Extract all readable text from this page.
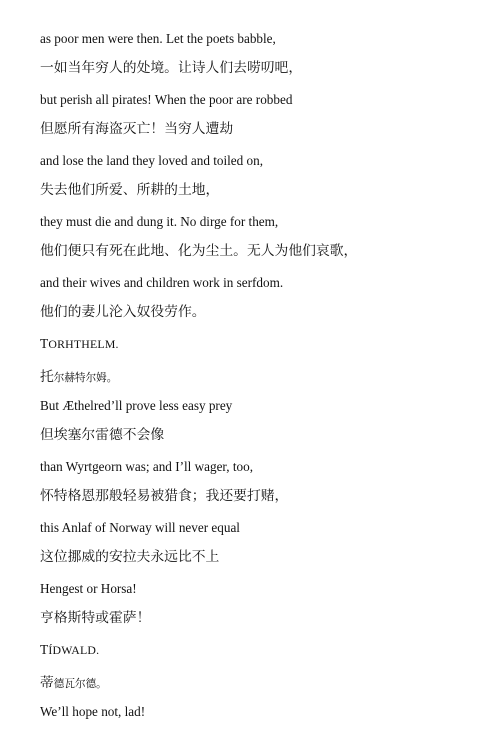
as poor men were then. Let the poets babble,
一如当年穷人的处境。让诗人们去唠叨吧，
but perish all pirates! When the poor are robbed
但愿所有海盗灭亡！当穷人遭劫
and lose the land they loved and toiled on,
失去他们所爱、所耕的土地，
they must die and dung it. No dirge for them,
他们便只有死在此地、化为尘土。无人为他们哀歌，
and their wives and children work in serfdom.
他们的妻儿沦入奴役劳作。
TORHTHELM.
托尔赫特尔姆。
But Æthelred’ll prove less easy prey
但埃塞尔雷德不会像
than Wyrtgeorn was; and I’ll wager, too,
怀特格恩那般轻易被猎食；我还要打赌，
this Anlaf of Norway will never equal
这位挪威的安拉夫永远比不上
Hengest or Horsa!
亨格斯特或霍萨！
TÍDWALD.
蒂德瓦尔德。
We’ll hope not, lad!
